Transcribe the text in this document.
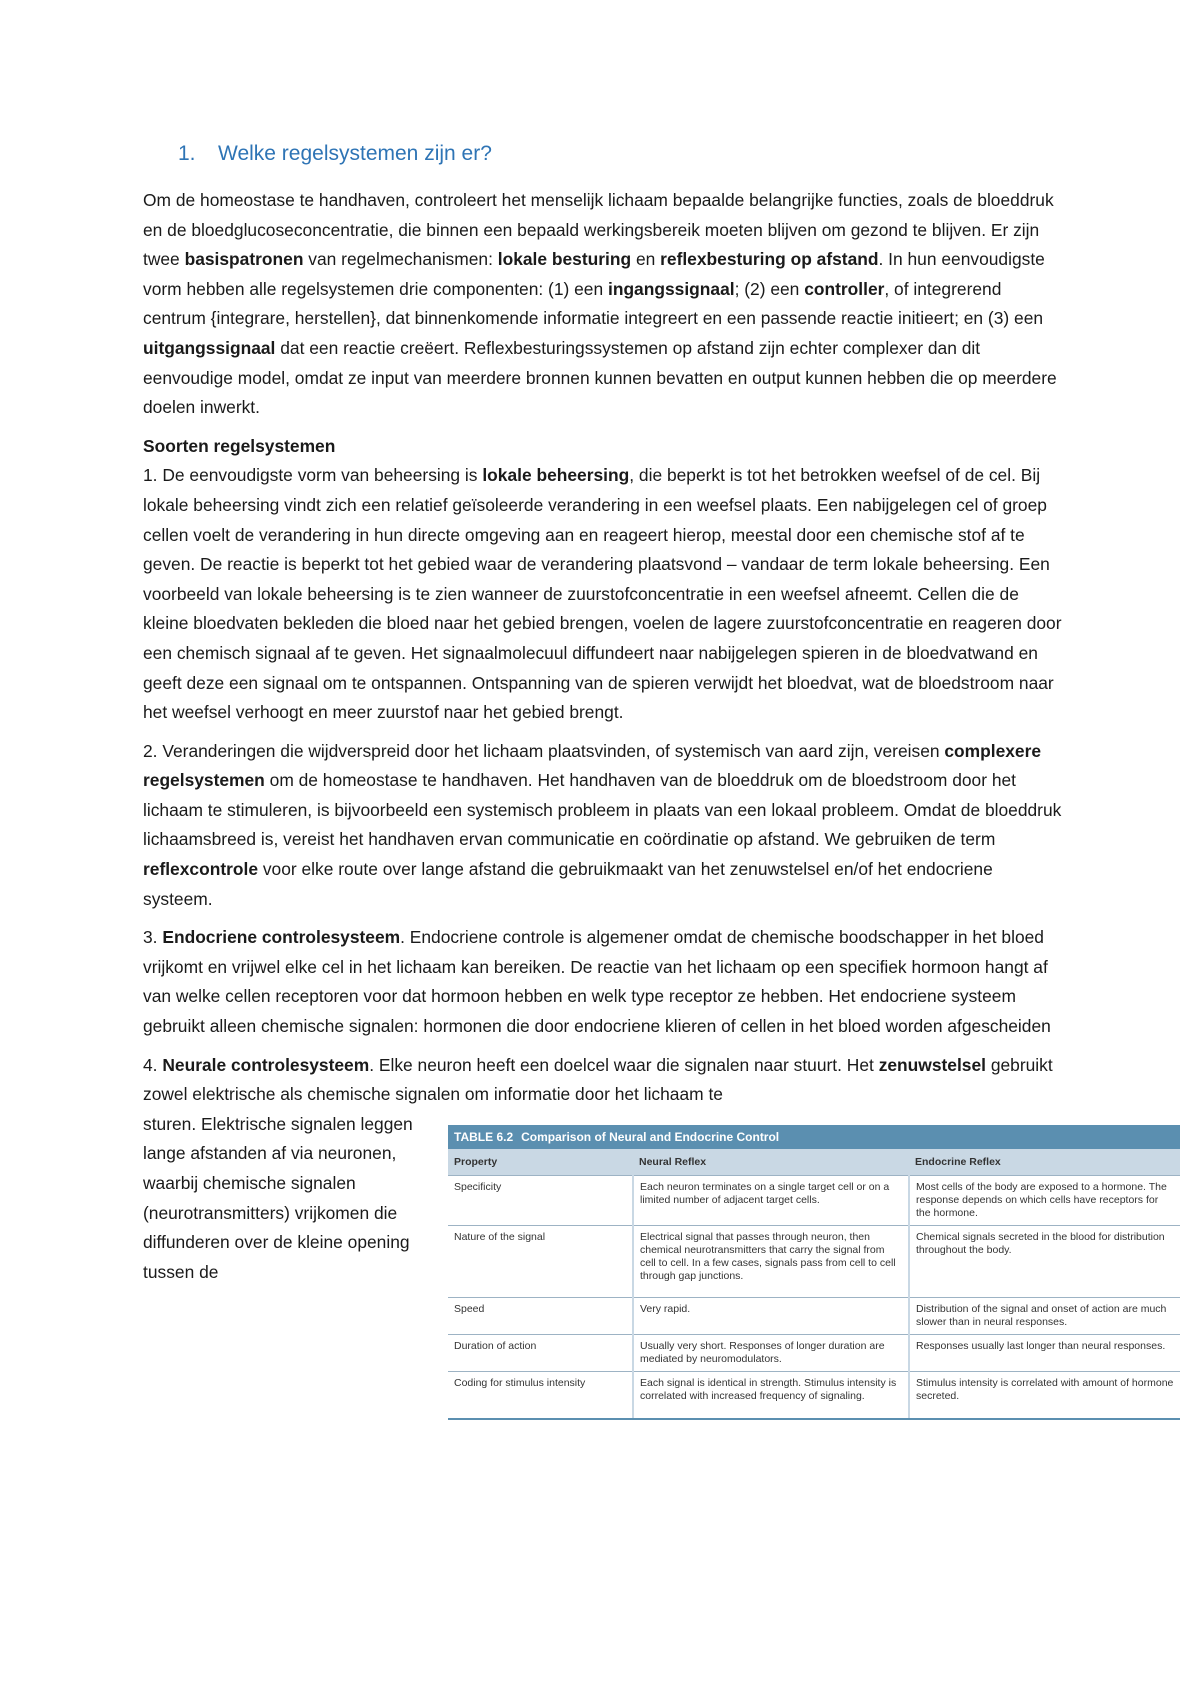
1. Welke regelsystemen zijn er?

Om de homeostase te handhaven, controleert het menselijk lichaam bepaalde belangrijke functies, zoals de bloeddruk en de bloedglucoseconcentratie, die binnen een bepaald werkingsbereik moeten blijven om gezond te blijven. Er zijn twee basispatronen van regelmechanismen: lokale besturing en reflexbesturing op afstand. In hun eenvoudigste vorm hebben alle regelsystemen drie componenten: (1) een ingangssignaal; (2) een controller, of integrerend centrum {integrare, herstellen}, dat binnenkomende informatie integreert en een passende reactie initieert; en (3) een uitgangssignaal dat een reactie creëert. Reflexbesturingssystemen op afstand zijn echter complexer dan dit eenvoudige model, omdat ze input van meerdere bronnen kunnen bevatten en output kunnen hebben die op meerdere doelen inwerkt.

Soorten regelsystemen

1. De eenvoudigste vorm van beheersing is lokale beheersing, die beperkt is tot het betrokken weefsel of de cel. Bij lokale beheersing vindt zich een relatief geïsoleerde verandering in een weefsel plaats. Een nabijgelegen cel of groep cellen voelt de verandering in hun directe omgeving aan en reageert hierop, meestal door een chemische stof af te geven. De reactie is beperkt tot het gebied waar de verandering plaatsvond – vandaar de term lokale beheersing. Een voorbeeld van lokale beheersing is te zien wanneer de zuurstofconcentratie in een weefsel afneemt. Cellen die de kleine bloedvaten bekleden die bloed naar het gebied brengen, voelen de lagere zuurstofconcentratie en reageren door een chemisch signaal af te geven. Het signaalmolecuul diffundeert naar nabijgelegen spieren in de bloedvatwand en geeft deze een signaal om te ontspannen. Ontspanning van de spieren verwijdt het bloedvat, wat de bloedstroom naar het weefsel verhoogt en meer zuurstof naar het gebied brengt.

2. Veranderingen die wijdverspreid door het lichaam plaatsvinden, of systemisch van aard zijn, vereisen complexere regelsystemen om de homeostase te handhaven. Het handhaven van de bloeddruk om de bloedstroom door het lichaam te stimuleren, is bijvoorbeeld een systemisch probleem in plaats van een lokaal probleem. Omdat de bloeddruk lichaamsbreed is, vereist het handhaven ervan communicatie en coördinatie op afstand. We gebruiken de term reflexcontrole voor elke route over lange afstand die gebruikmaakt van het zenuwstelsel en/of het endocriene systeem.

3. Endocriene controlesysteem. Endocriene controle is algemener omdat de chemische boodschapper in het bloed vrijkomt en vrijwel elke cel in het lichaam kan bereiken. De reactie van het lichaam op een specifiek hormoon hangt af van welke cellen receptoren voor dat hormoon hebben en welk type receptor ze hebben. Het endocriene systeem gebruikt alleen chemische signalen: hormonen die door endocriene klieren of cellen in het bloed worden afgescheiden

4. Neurale controlesysteem. Elke neuron heeft een doelcel waar die signalen naar stuurt. Het zenuwstelsel gebruikt zowel elektrische als chemische signalen om informatie door het lichaam te

sturen. Elektrische signalen leggen lange afstanden af via neuronen, waarbij chemische signalen (neurotransmitters) vrijkomen die diffunderen over de kleine opening tussen de

TABLE 6.2 Comparison of Neural and Endocrine Control
Property	Neural Reflex	Endocrine Reflex
Specificity	Each neuron terminates on a single target cell or on a limited number of adjacent target cells.	Most cells of the body are exposed to a hormone. The response depends on which cells have receptors for the hormone.
Nature of the signal	Electrical signal that passes through neuron, then chemical neurotransmitters that carry the signal from cell to cell. In a few cases, signals pass from cell to cell through gap junctions.	Chemical signals secreted in the blood for distribution throughout the body.
Speed	Very rapid.	Distribution of the signal and onset of action are much slower than in neural responses.
Duration of action	Usually very short. Responses of longer duration are mediated by neuromodulators.	Responses usually last longer than neural responses.
Coding for stimulus intensity	Each signal is identical in strength. Stimulus intensity is correlated with increased frequency of signaling.	Stimulus intensity is correlated with amount of hormone secreted.
